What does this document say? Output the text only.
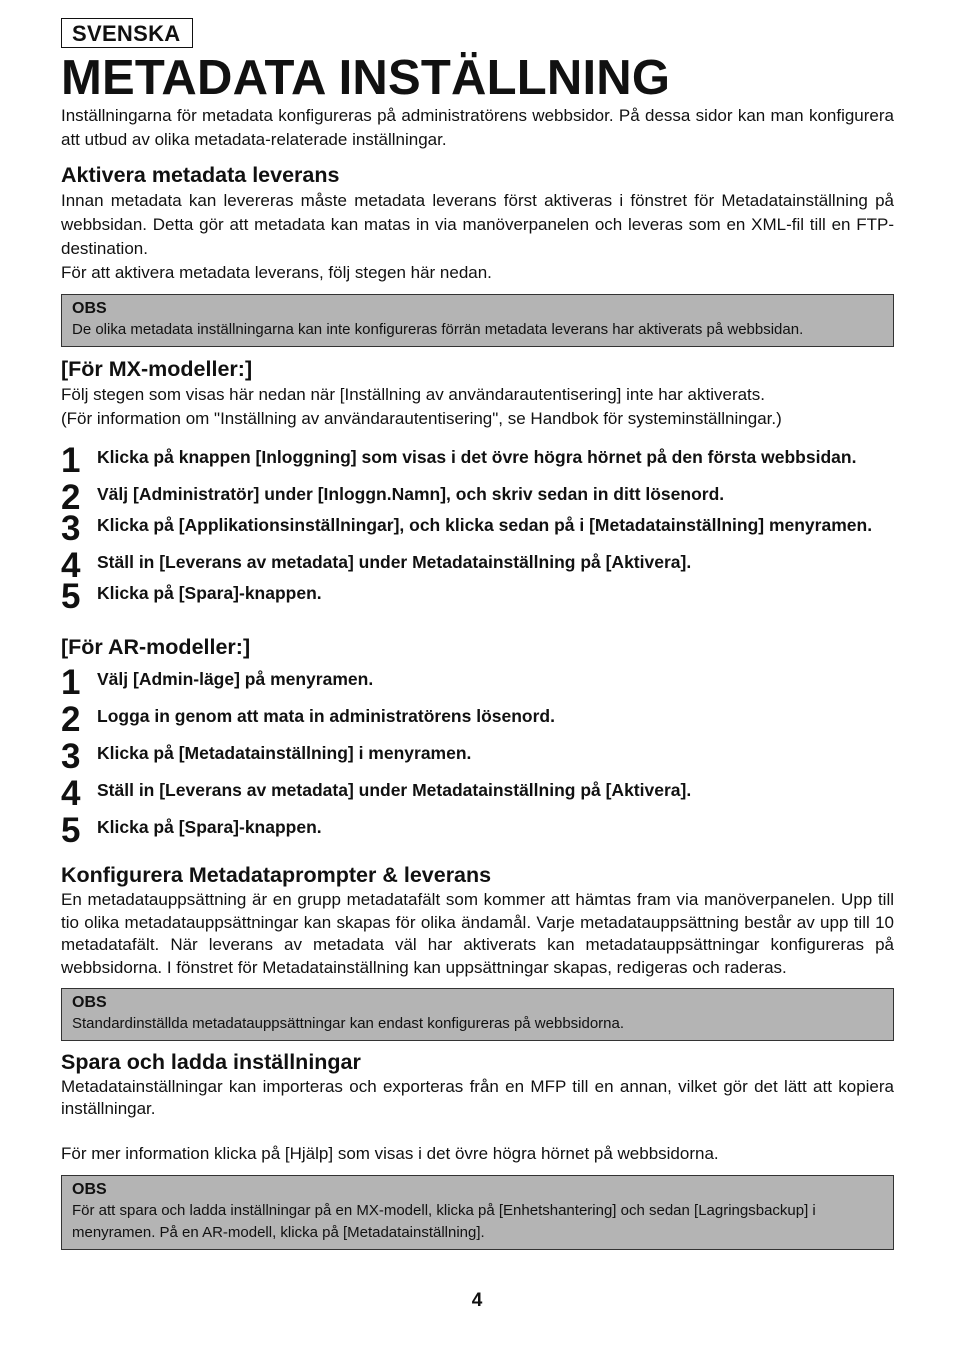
SVENSKA
METADATA INSTÄLLNING

Inställningarna för metadata konfigureras på administratörens webbsidor. På dessa sidor kan man konfigurera att utbud av olika metadata-relaterade inställningar.

Aktivera metadata leverans

Innan metadata kan levereras måste metadata leverans först aktiveras i fönstret för Metadatainställning på webbsidan. Detta gör att metadata kan matas in via manöverpanelen och leveras som en XML-fil till en FTP-destination.

För att aktivera metadata leverans, följ stegen här nedan.

OBS
De olika metadata inställningarna kan inte konfigureras förrän metadata leverans har aktiverats på webbsidan.
[För MX-modeller:]

Följ stegen som visas här nedan när [Inställning av användarautentisering] inte har aktiverats.

(För information om "Inställning av användarautentisering", se Handbok för systeminställningar.)

1 Klicka på knappen [Inloggning] som visas i det övre högra hörnet på den första webbsidan.
2 Välj [Administratör] under [Inloggn.Namn], och skriv sedan in ditt lösenord.
3 Klicka på [Applikationsinställningar], och klicka sedan på i [Metadatainställning] menyramen.
4 Ställ in [Leverans av metadata] under Metadatainställning på [Aktivera].
5 Klicka på [Spara]-knappen.
[För AR-modeller:]
1 Välj [Admin-läge] på menyramen.
2 Logga in genom att mata in administratörens lösenord.
3 Klicka på [Metadatainställning] i menyramen.
4 Ställ in [Leverans av metadata] under Metadatainställning på [Aktivera].
5 Klicka på [Spara]-knappen.
Konfigurera Metadataprompter & leverans

En metadatauppsättning är en grupp metadatafält som kommer att hämtas fram via manöverpanelen. Upp till tio olika metadatauppsättningar kan skapas för olika ändamål. Varje metadatauppsättning består av upp till 10 metadatafält. När leverans av metadata väl har aktiverats kan metadatauppsättningar konfigureras på webbsidorna. I fönstret för Metadatainställning kan uppsättningar skapas, redigeras och raderas.

OBS
Standardinställda metadatauppsättningar kan endast konfigureras på webbsidorna.
Spara och ladda inställningar

Metadatainställningar kan importeras och exporteras från en MFP till en annan, vilket gör det lätt att kopiera inställningar.

För mer information klicka på [Hjälp] som visas i det övre högra hörnet på webbsidorna.

OBS
För att spara och ladda inställningar på en MX-modell, klicka på [Enhetshantering] och sedan [Lagringsbackup] i menyramen. På en AR-modell, klicka på [Metadatainställning].
4
